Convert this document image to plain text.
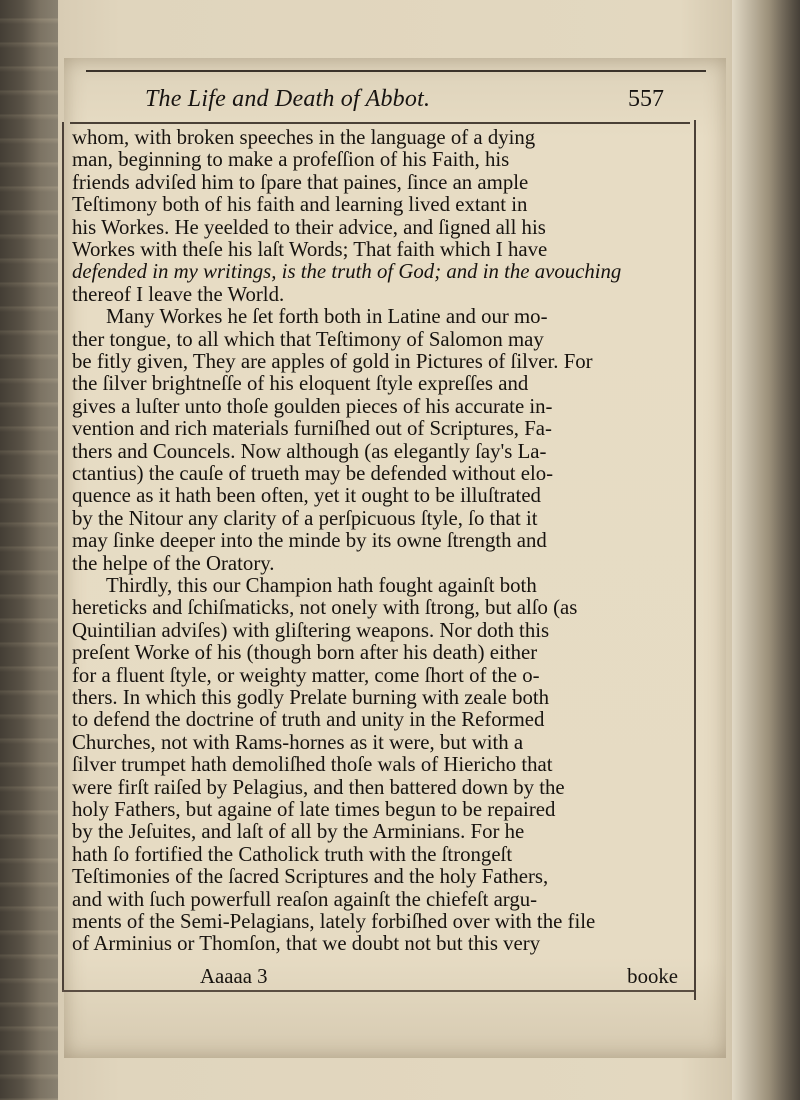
The Life and Death of Abbot.	557
whom, with broken speeches in the language of a dying
man, beginning to make a profeſſion of his Faith, his
friends adviſed him to ſpare that paines, ſince an ample
Teſtimony both of his faith and learning lived extant in
his Workes. He yeelded to their advice, and ſigned all his
Workes with theſe his laſt Words; That faith which I have
defended in my writings, is the truth of God; and in the avouching
thereof I leave the World.
Many Workes he ſet forth both in Latine and our mo-
ther tongue, to all which that Teſtimony of Salomon may
be fitly given, They are apples of gold in Pictures of ſilver. For
the ſilver brightneſſe of his eloquent ſtyle expreſſes and
gives a luſter unto thoſe goulden pieces of his accurate in-
vention and rich materials furniſhed out of Scriptures, Fa-
thers and Councels. Now although (as elegantly ſay's La-
ctantius) the cauſe of trueth may be defended without elo-
quence as it hath been often, yet it ought to be illuſtrated
by the Nitour any clarity of a perſpicuous ſtyle, ſo that it
may ſinke deeper into the minde by its owne ſtrength and
the helpe of the Oratory.
Thirdly, this our Champion hath fought againſt both
hereticks and ſchiſmaticks, not onely with ſtrong, but alſo (as
Quintilian adviſes) with gliſtering weapons. Nor doth this
preſent Worke of his (though born after his death) either
for a fluent ſtyle, or weighty matter, come ſhort of the o-
thers. In which this godly Prelate burning with zeale both
to defend the doctrine of truth and unity in the Reformed
Churches, not with Rams-hornes as it were, but with a
ſilver trumpet hath demoliſhed thoſe wals of Hiericho that
were firſt raiſed by Pelagius, and then battered down by the
holy Fathers, but againe of late times begun to be repaired
by the Jeſuites, and laſt of all by the Arminians. For he
hath ſo fortified the Catholick truth with the ſtrongeſt
Teſtimonies of the ſacred Scriptures and the holy Fathers,
and with ſuch powerfull reaſon againſt the chiefeſt argu-
ments of the Semi-Pelagians, lately forbiſhed over with the file
of Arminius or Thomſon, that we doubt not but this very
Aaaaa 3	booke
